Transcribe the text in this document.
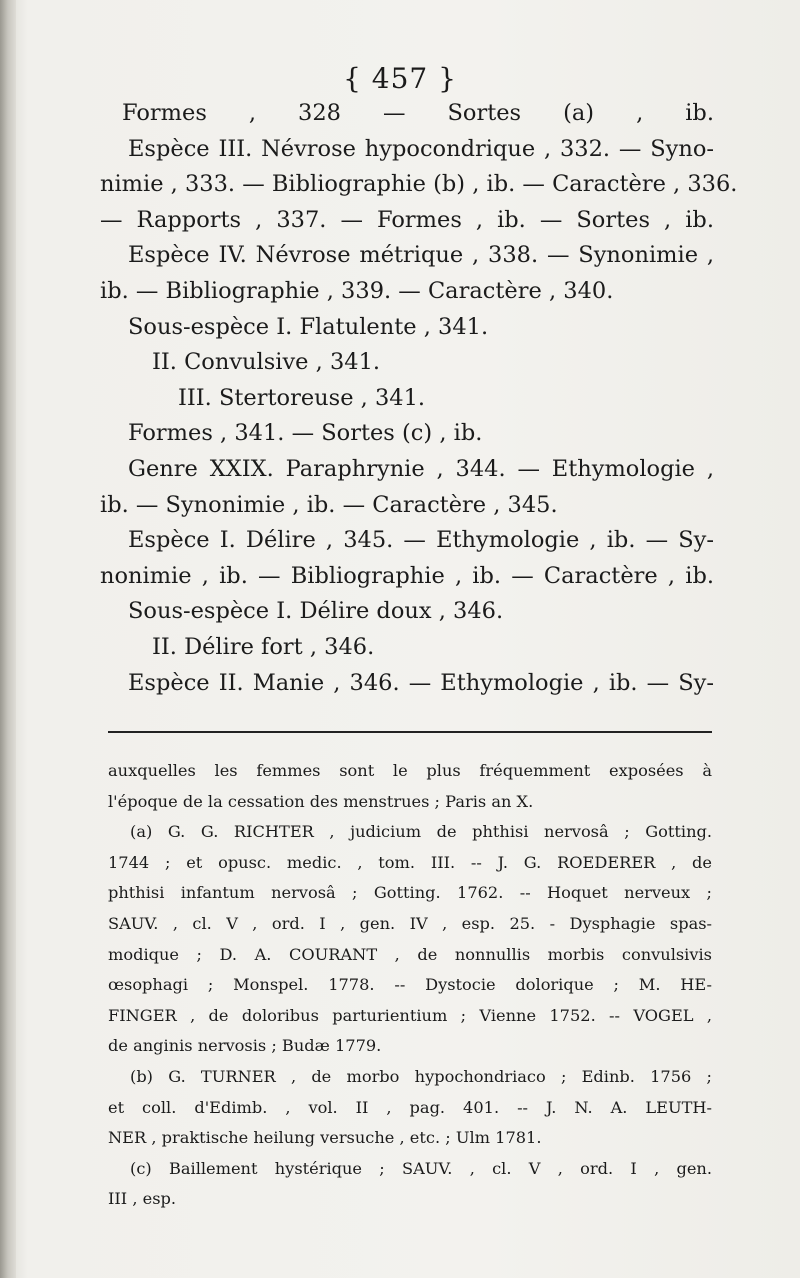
{ 457 }
Formes , 328 — Sortes (a) , ib.
Espèce III. Névrose hypocondrique , 332. — Syno-
nimie , 333. — Bibliographie (b) , ib. — Caractère , 336.
— Rapports , 337. — Formes , ib. — Sortes , ib.
Espèce IV. Névrose métrique , 338. — Synonimie ,
ib. — Bibliographie , 339. — Caractère , 340.
Sous-espèce I. Flatulente , 341.
II. Convulsive , 341.
III. Stertoreuse , 341.
Formes , 341. — Sortes (c) , ib.
Genre XXIX. Paraphrynie , 344. — Ethymologie ,
ib. — Synonimie , ib. — Caractère , 345.
Espèce I. Délire , 345. — Ethymologie , ib. — Sy-
nonimie , ib. — Bibliographie , ib. — Caractère , ib.
Sous-espèce I. Délire doux , 346.
II. Délire fort , 346.
Espèce II. Manie , 346. — Ethymologie , ib. — Sy-
auxquelles les femmes sont le plus fréquemment exposées à
l'époque de la cessation des menstrues ; Paris an X.
(a) G. G. RICHTER , judicium de phthisi nervosâ ; Gotting.
1744 ; et opusc. medic. , tom. III. -- J. G. ROEDERER , de
phthisi infantum nervosâ ; Gotting. 1762. -- Hoquet nerveux ;
SAUV. , cl. V , ord. I , gen. IV , esp. 25. - Dysphagie spas-
modique ; D. A. COURANT , de nonnullis morbis convulsivis
œsophagi ; Monspel. 1778. -- Dystocie dolorique ; M. HE-
FINGER , de doloribus parturientium ; Vienne 1752. -- VOGEL ,
de anginis nervosis ; Budæ 1779.
(b) G. TURNER , de morbo hypochondriaco ; Edinb. 1756 ;
et coll. d'Edimb. , vol. II , pag. 401. -- J. N. A. LEUTH-
NER , praktische heilung versuche , etc. ; Ulm 1781.
(c) Baillement hystérique ; SAUV. , cl. V , ord. I , gen.
III , esp.
